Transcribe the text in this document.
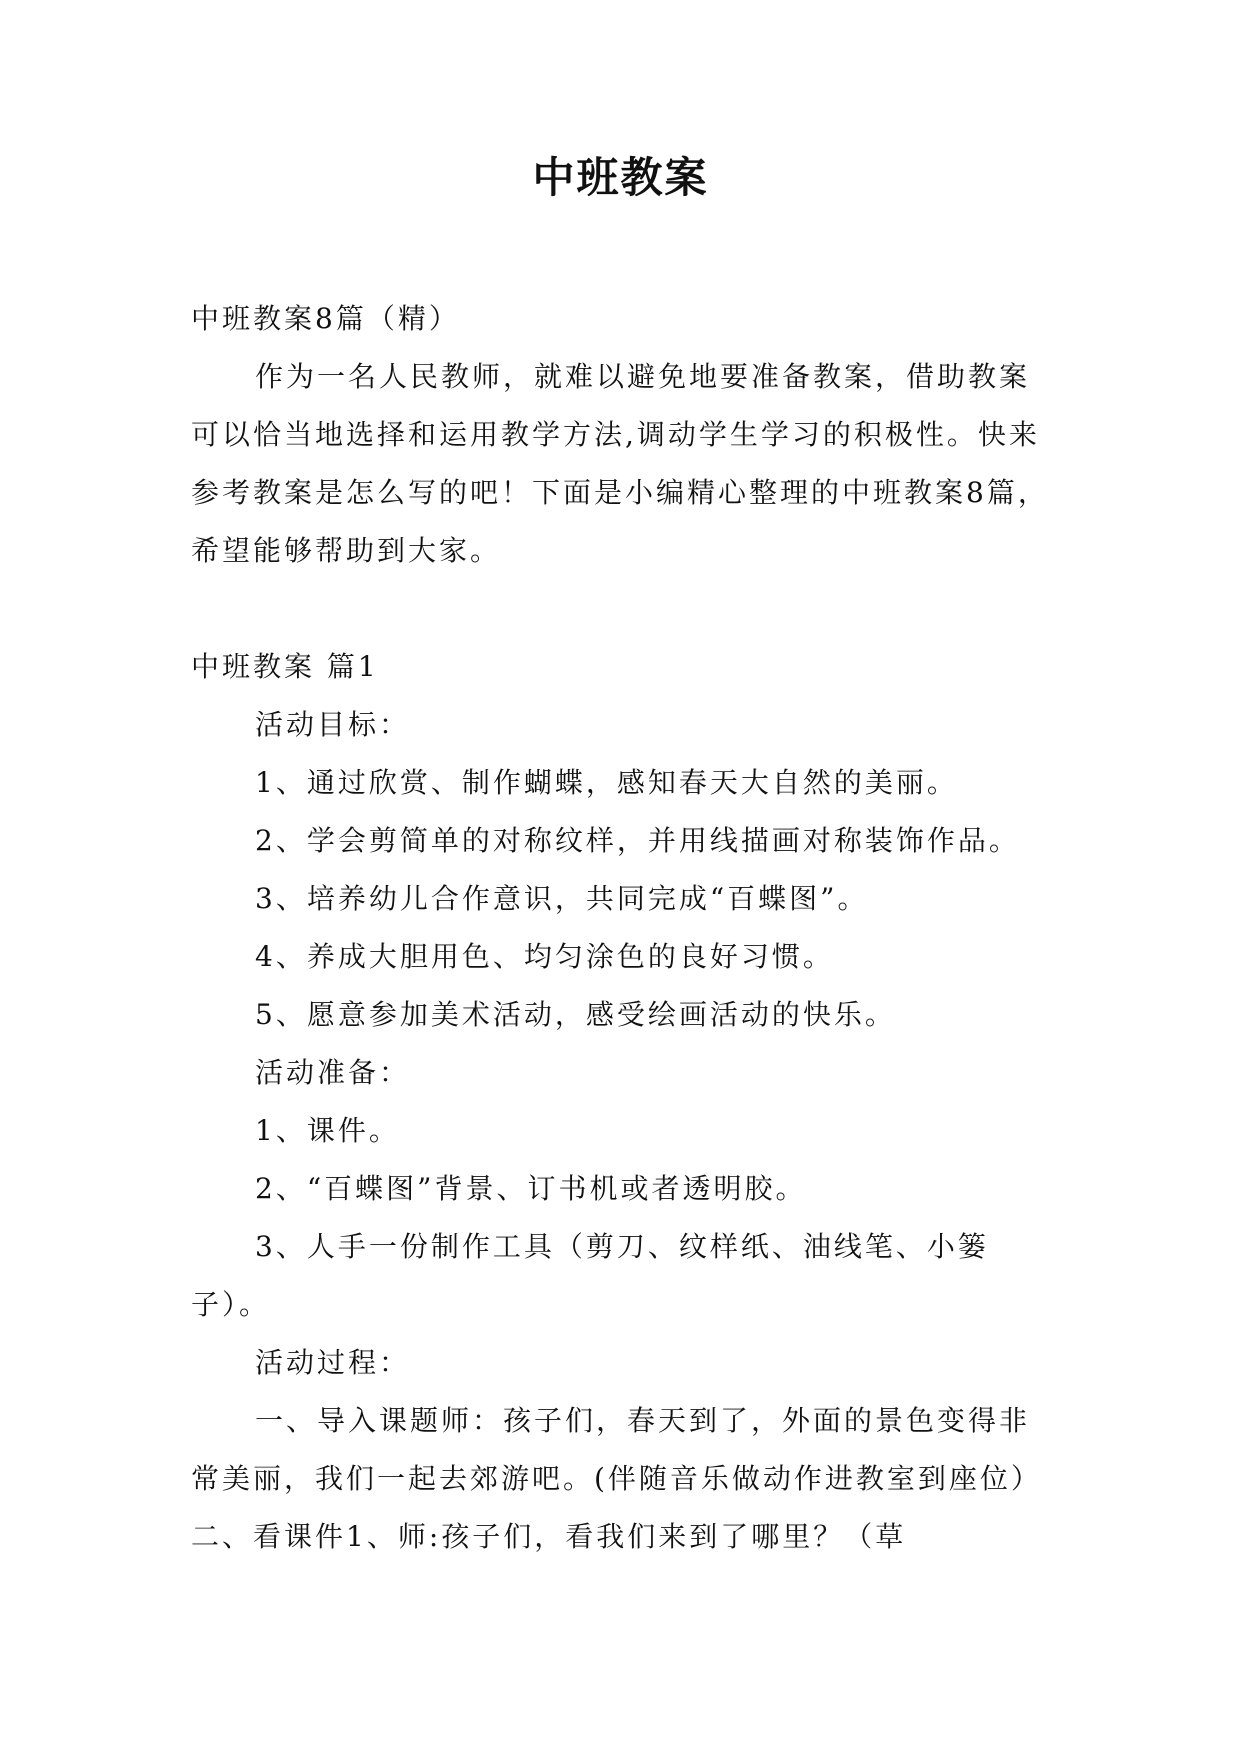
中班教案

中班教案8篇（精）

作为一名人民教师，就难以避免地要准备教案，借助教案可以恰当地选择和运用教学方法,调动学生学习的积极性。快来参考教案是怎么写的吧！下面是小编精心整理的中班教案8篇，希望能够帮助到大家。

中班教案 篇1

活动目标：

1、通过欣赏、制作蝴蝶，感知春天大自然的美丽。

2、学会剪简单的对称纹样，并用线描画对称装饰作品。

3、培养幼儿合作意识，共同完成“百蝶图”。

4、养成大胆用色、均匀涂色的良好习惯。

5、愿意参加美术活动，感受绘画活动的快乐。

活动准备：

1、课件。

2、“百蝶图”背景、订书机或者透明胶。

3、人手一份制作工具（剪刀、纹样纸、油线笔、小篓子）。

活动过程：

一、导入课题师：孩子们，春天到了，外面的景色变得非常美丽，我们一起去郊游吧。(伴随音乐做动作进教室到座位）二、看课件1、师:孩子们，看我们来到了哪里？（草
